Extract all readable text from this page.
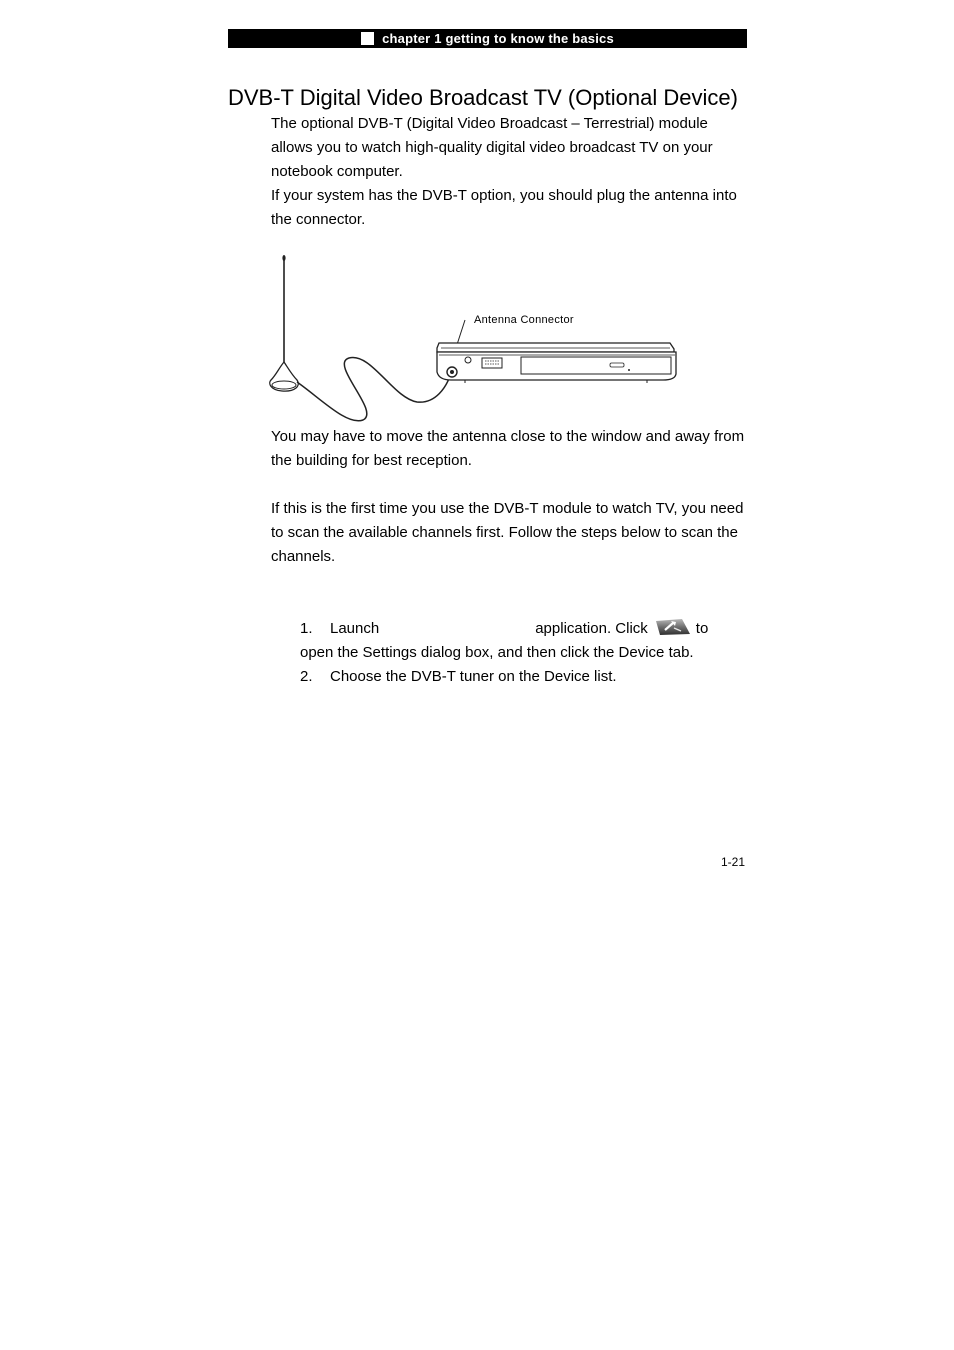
chapter 1 getting to know the basics
DVB-T Digital Video Broadcast TV (Optional Device)

The optional DVB-T (Digital Video Broadcast – Terrestrial) module allows you to watch high-quality digital video broadcast TV on your notebook computer.

If your system has the DVB-T option, you should plug the antenna into the connector.

Antenna Connector

You may have to move the antenna close to the window and away from the building for best reception.

If this is the first time you use the DVB-T module to watch TV, you need to scan the available channels first. Follow the steps below to scan the channels.

1. Launch	application. Click	to
open the Settings dialog box, and then click the Device tab.
2. Choose the DVB-T tuner on the Device list.
1-21
